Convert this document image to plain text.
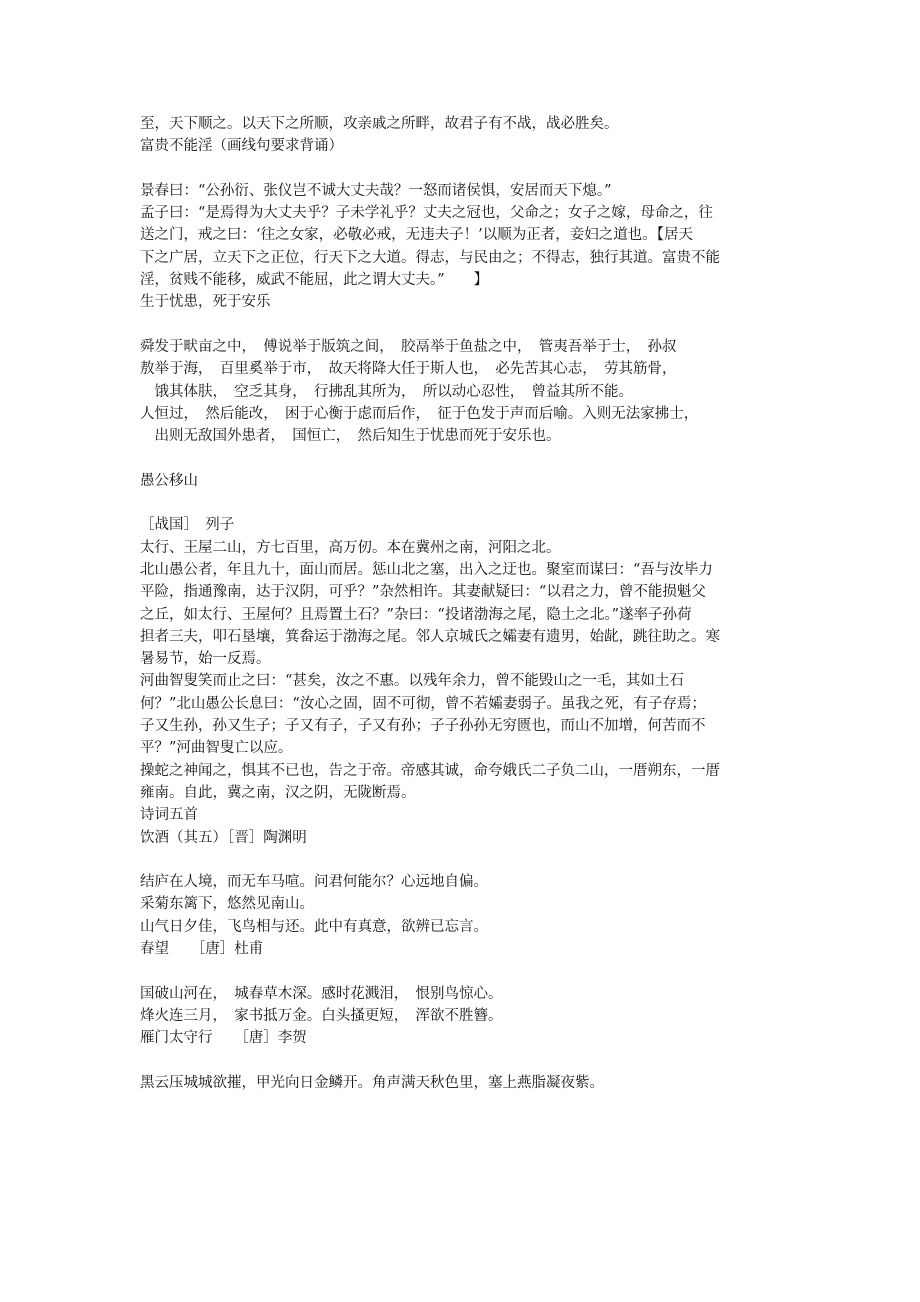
至，天下顺之。以天下之所顺，攻亲戚之所畔，故君子有不战，战必胜矣。
富贵不能淫（画线句要求背诵）
景春曰：“公孙衍、张仪岂不诚大丈夫哉？一怒而诸侯惧，安居而天下熄。”
孟子曰：“是焉得为大丈夫乎？子未学礼乎？丈夫之冠也，父命之；女子之嫁，母命之，往
送之门，戒之曰：‘往之女家，必敬必戒，无违夫子！’以顺为正者，妾妇之道也。【居天
下之广居，立天下之正位，行天下之大道。得志，与民由之；不得志，独行其道。富贵不能
淫，贫贱不能移，威武不能屈，此之谓大丈夫。”　　】
生于忧患，死于安乐
舜发于畎亩之中，　傅说举于版筑之间，　胶鬲举于鱼盐之中，　管夷吾举于士，　孙叔
敖举于海，　百里奚举于市，　故天将降大任于斯人也，　必先苦其心志，　劳其筋骨，
　饿其体肤，　空乏其身，　行拂乱其所为，　所以动心忍性，　曾益其所不能。
人恒过，　然后能改，　困于心衡于虑而后作，　征于色发于声而后喻。入则无法家拂士，
　出则无敌国外患者，　国恒亡，　然后知生于忧患而死于安乐也。
愚公移山
［战国］　列子
太行、王屋二山，方七百里，高万仞。本在冀州之南，河阳之北。
北山愚公者，年且九十，面山而居。惩山北之塞，出入之迂也。聚室而谋曰：“吾与汝毕力
平险，指通豫南，达于汉阴，可乎？”杂然相许。其妻献疑曰：“以君之力，曾不能损魁父
之丘，如太行、王屋何？且焉置土石？”杂曰：“投诸渤海之尾，隐土之北。”遂率子孙荷
担者三夫，叩石垦壤，箕畚运于渤海之尾。邻人京城氏之孀妻有遗男，始龀，跳往助之。寒
暑易节，始一反焉。
河曲智叟笑而止之曰：“甚矣，汝之不惠。以残年余力，曾不能毁山之一毛，其如土石
何？”北山愚公长息曰：“汝心之固，固不可彻，曾不若孀妻弱子。虽我之死，有子存焉；
子又生孙，孙又生子；子又有子，子又有孙；子子孙孙无穷匮也，而山不加增，何苦而不
平？”河曲智叟亡以应。
操蛇之神闻之，惧其不已也，告之于帝。帝感其诚，命夸娥氏二子负二山，一厝朔东，一厝
雍南。自此，冀之南，汉之阴，无陇断焉。
诗词五首
饮酒（其五）［晋］陶渊明
结庐在人境，而无车马喧。问君何能尔？心远地自偏。
采菊东篱下，悠然见南山。
山气日夕佳，飞鸟相与还。此中有真意，欲辨已忘言。
春望　　［唐］杜甫
国破山河在，　城春草木深。感时花溅泪，　恨别鸟惊心。
烽火连三月，　家书抵万金。白头搔更短，　浑欲不胜簪。
雁门太守行　　［唐］李贺
黑云压城城欲摧，甲光向日金鳞开。角声满天秋色里，塞上燕脂凝夜紫。
